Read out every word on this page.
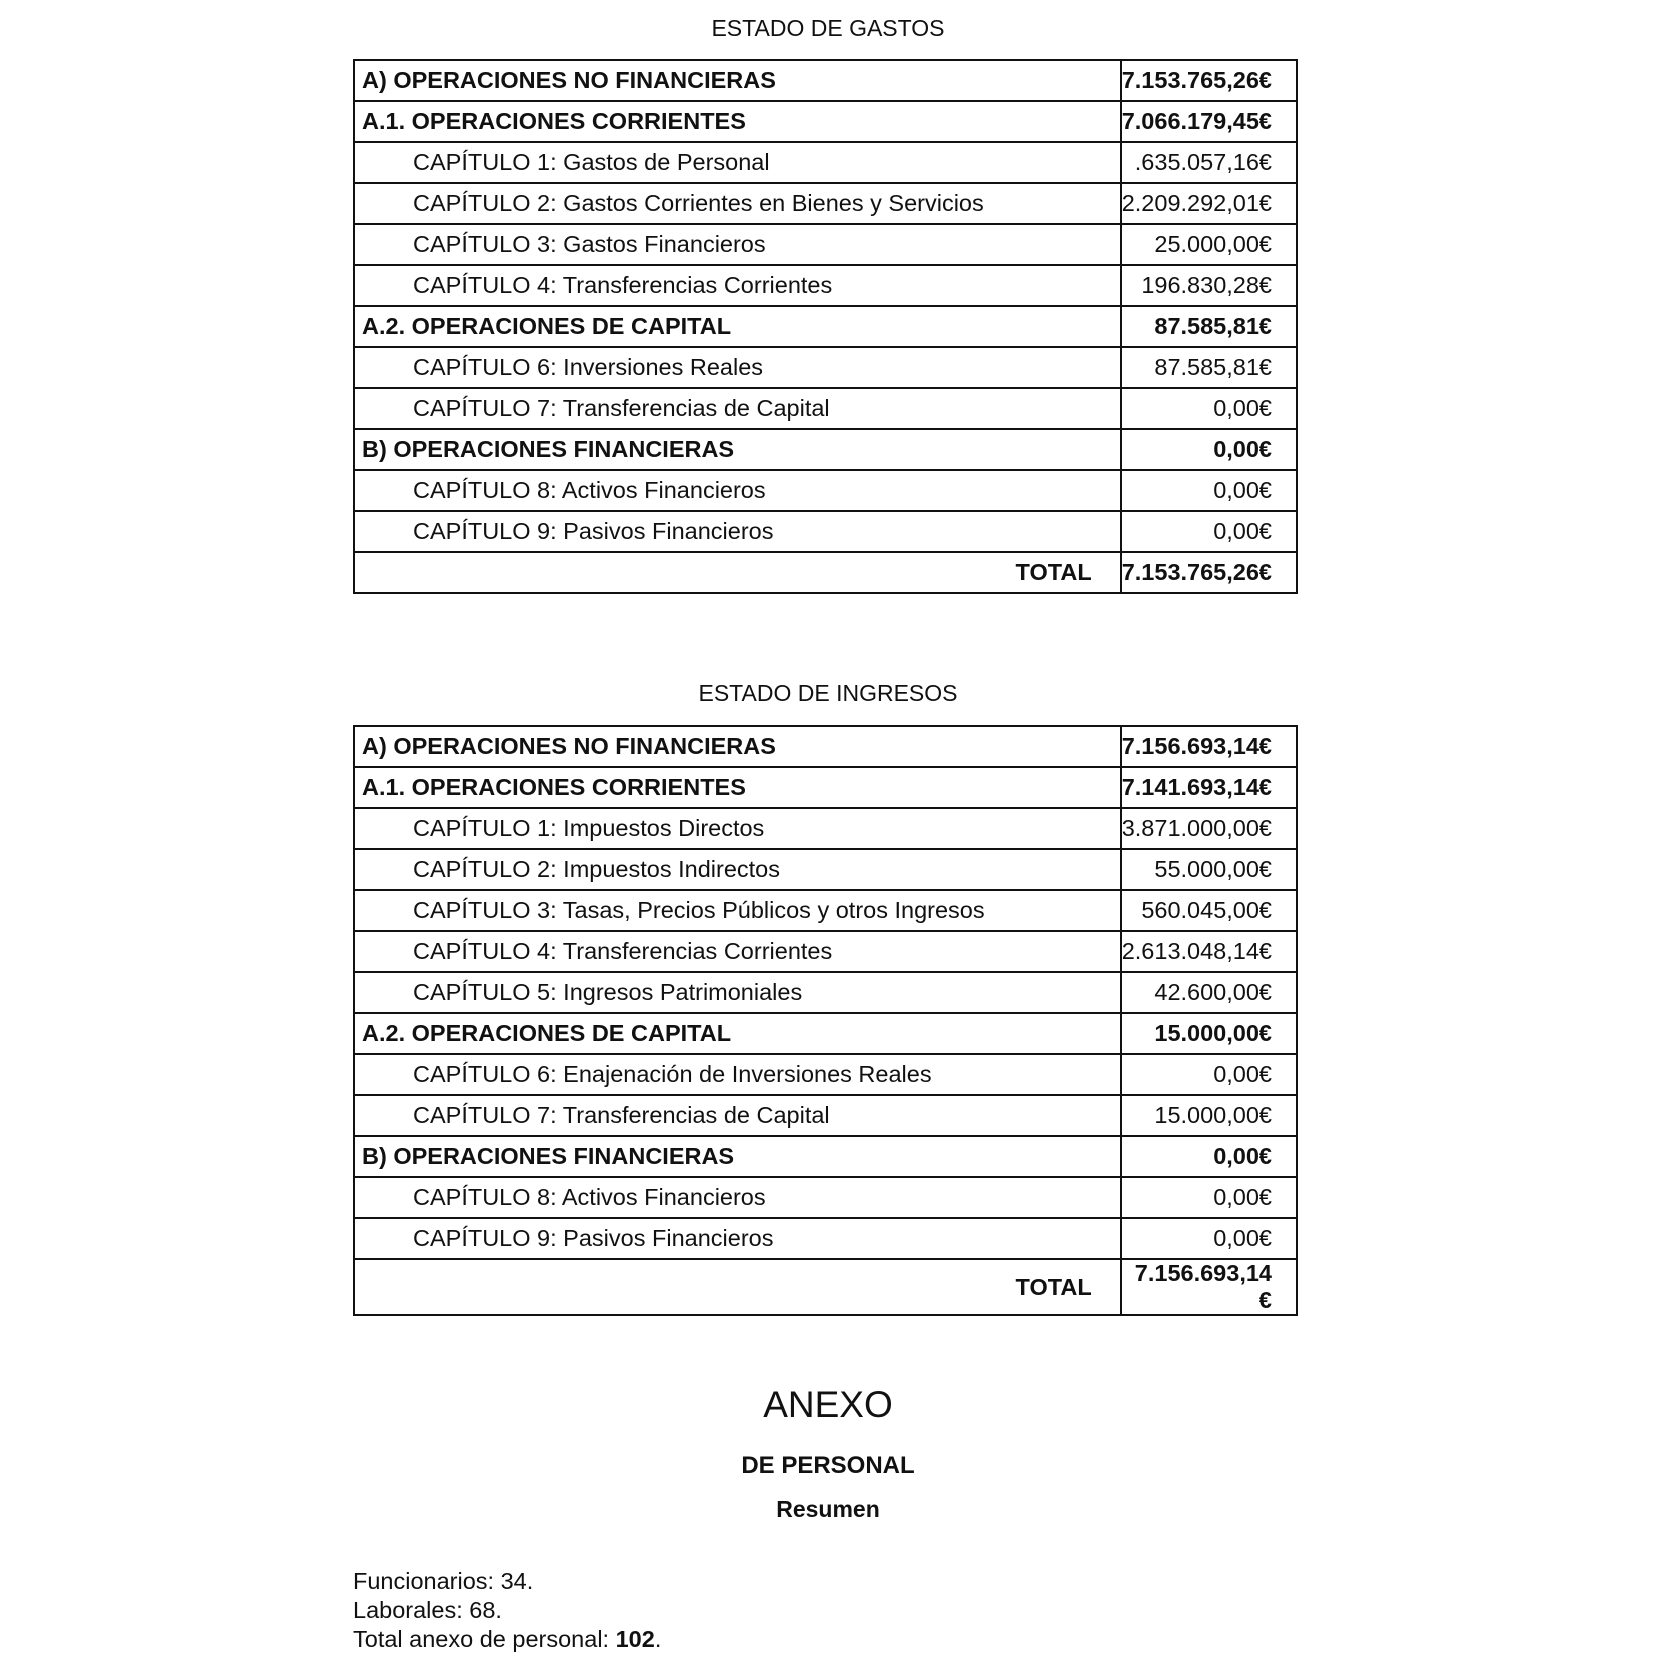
ESTADO DE GASTOS
A) OPERACIONES NO FINANCIERAS	7.153.765,26€
A.1. OPERACIONES CORRIENTES	7.066.179,45€
CAPÍTULO 1: Gastos de Personal	.635.057,16€
CAPÍTULO 2: Gastos Corrientes en Bienes y Servicios	2.209.292,01€
CAPÍTULO 3: Gastos Financieros	25.000,00€
CAPÍTULO 4: Transferencias Corrientes	196.830,28€
A.2. OPERACIONES DE CAPITAL	87.585,81€
CAPÍTULO 6: Inversiones Reales	87.585,81€
CAPÍTULO 7: Transferencias de Capital	0,00€
B) OPERACIONES FINANCIERAS	0,00€
CAPÍTULO 8: Activos Financieros	0,00€
CAPÍTULO 9: Pasivos Financieros	0,00€
TOTAL	7.153.765,26€
ESTADO DE INGRESOS
A) OPERACIONES NO FINANCIERAS	7.156.693,14€
A.1. OPERACIONES CORRIENTES	7.141.693,14€
CAPÍTULO 1: Impuestos Directos	3.871.000,00€
CAPÍTULO 2: Impuestos Indirectos	55.000,00€
CAPÍTULO 3: Tasas, Precios Públicos y otros Ingresos	560.045,00€
CAPÍTULO 4: Transferencias Corrientes	2.613.048,14€
CAPÍTULO 5: Ingresos Patrimoniales	42.600,00€
A.2. OPERACIONES DE CAPITAL	15.000,00€
CAPÍTULO 6: Enajenación de Inversiones Reales	0,00€
CAPÍTULO 7: Transferencias de Capital	15.000,00€
B) OPERACIONES FINANCIERAS	0,00€
CAPÍTULO 8: Activos Financieros	0,00€
CAPÍTULO 9: Pasivos Financieros	0,00€
TOTAL	7.156.693,14 €
ANEXO
DE PERSONAL
Resumen
Funcionarios: 34.
Laborales: 68.
Total anexo de personal: 102.
